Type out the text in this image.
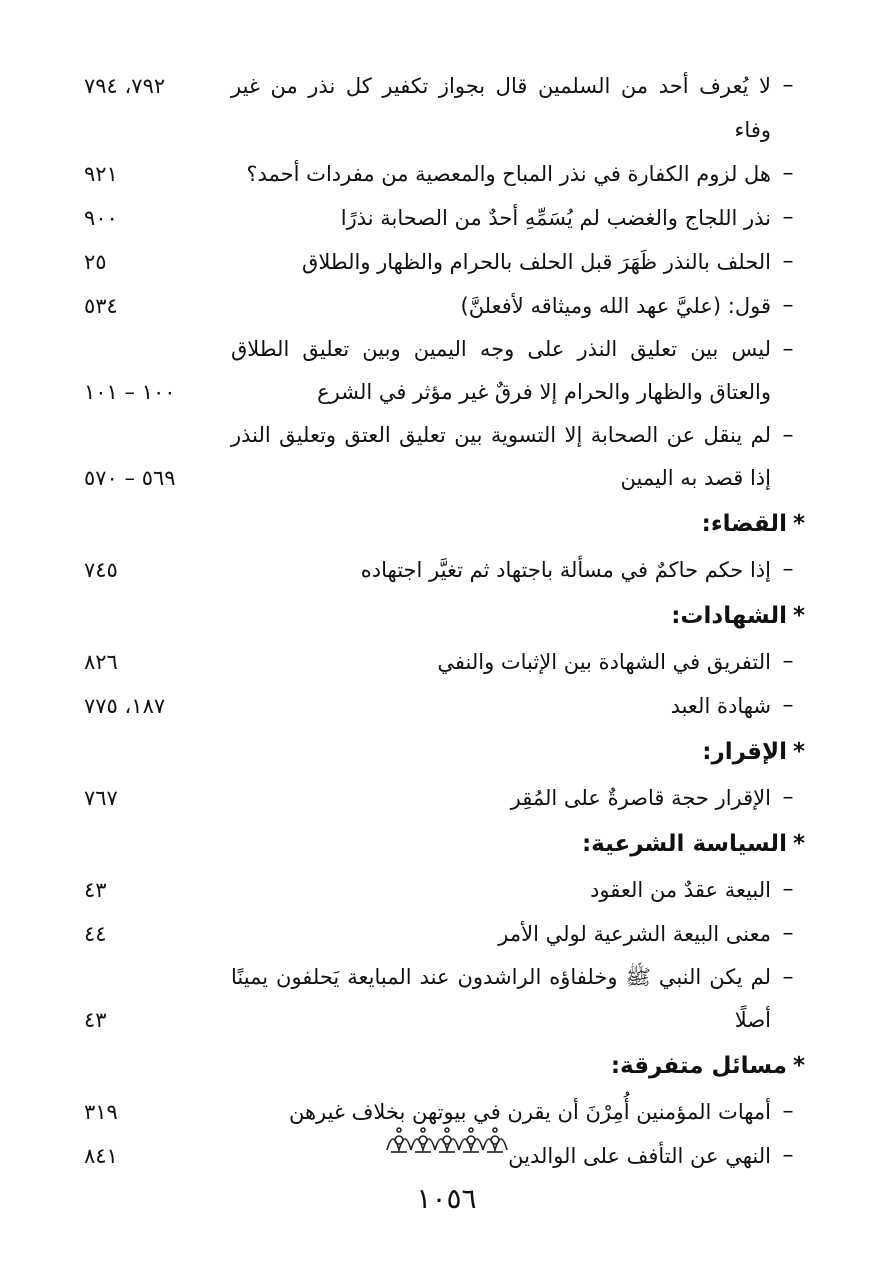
–
لا يُعرف أحد من السلمين قال بجواز تكفير كل نذر من غير وفاء
٧٩٢، ٧٩٤
–
هل لزوم الكفارة في نذر المباح والمعصية من مفردات أحمد؟
٩٢١
–
نذر اللجاج والغضب لم يُسَمِّهِ أحدٌ من الصحابة نذرًا
٩٠٠
–
الحلف بالنذر ظَهَرَ قبل الحلف بالحرام والظهار والطلاق
٢٥
–
قول: (عليَّ عهد الله وميثاقه لأفعلنَّ)
٥٣٤
–
ليس بين تعليق النذر على وجه اليمين وبين تعليق الطلاق والعتاق والظهار والحرام إلا فرقٌ غير مؤثر في الشرع
١٠٠ – ١٠١
–
لم ينقل عن الصحابة إلا التسوية بين تعليق العتق وتعليق النذر إذا قصد به اليمين
٥٦٩ – ٥٧٠
*القضاء:
–
إذا حكم حاكمٌ في مسألة باجتهاد ثم تغيَّر اجتهاده
٧٤٥
*الشهادات:
–
التفريق في الشهادة بين الإثبات والنفي
٨٢٦
–
شهادة العبد
١٨٧، ٧٧٥
*الإقرار:
–
الإقرار حجة قاصرةٌ على المُقِر
٧٦٧
*السياسة الشرعية:
–
البيعة عقدٌ من العقود
٤٣
–
معنى البيعة الشرعية لولي الأمر
٤٤
–
لم يكن النبي ﷺ وخلفاؤه الراشدون عند المبايعة يَحلفون يمينًا أصلًا
٤٣
*مسائل متفرقة:
–
أمهات المؤمنين أُمِرْنَ أن يقرن في بيوتهن بخلاف غيرهن
٣١٩
–
النهي عن التأفف على الوالدين
٨٤١
١٠٥٦
